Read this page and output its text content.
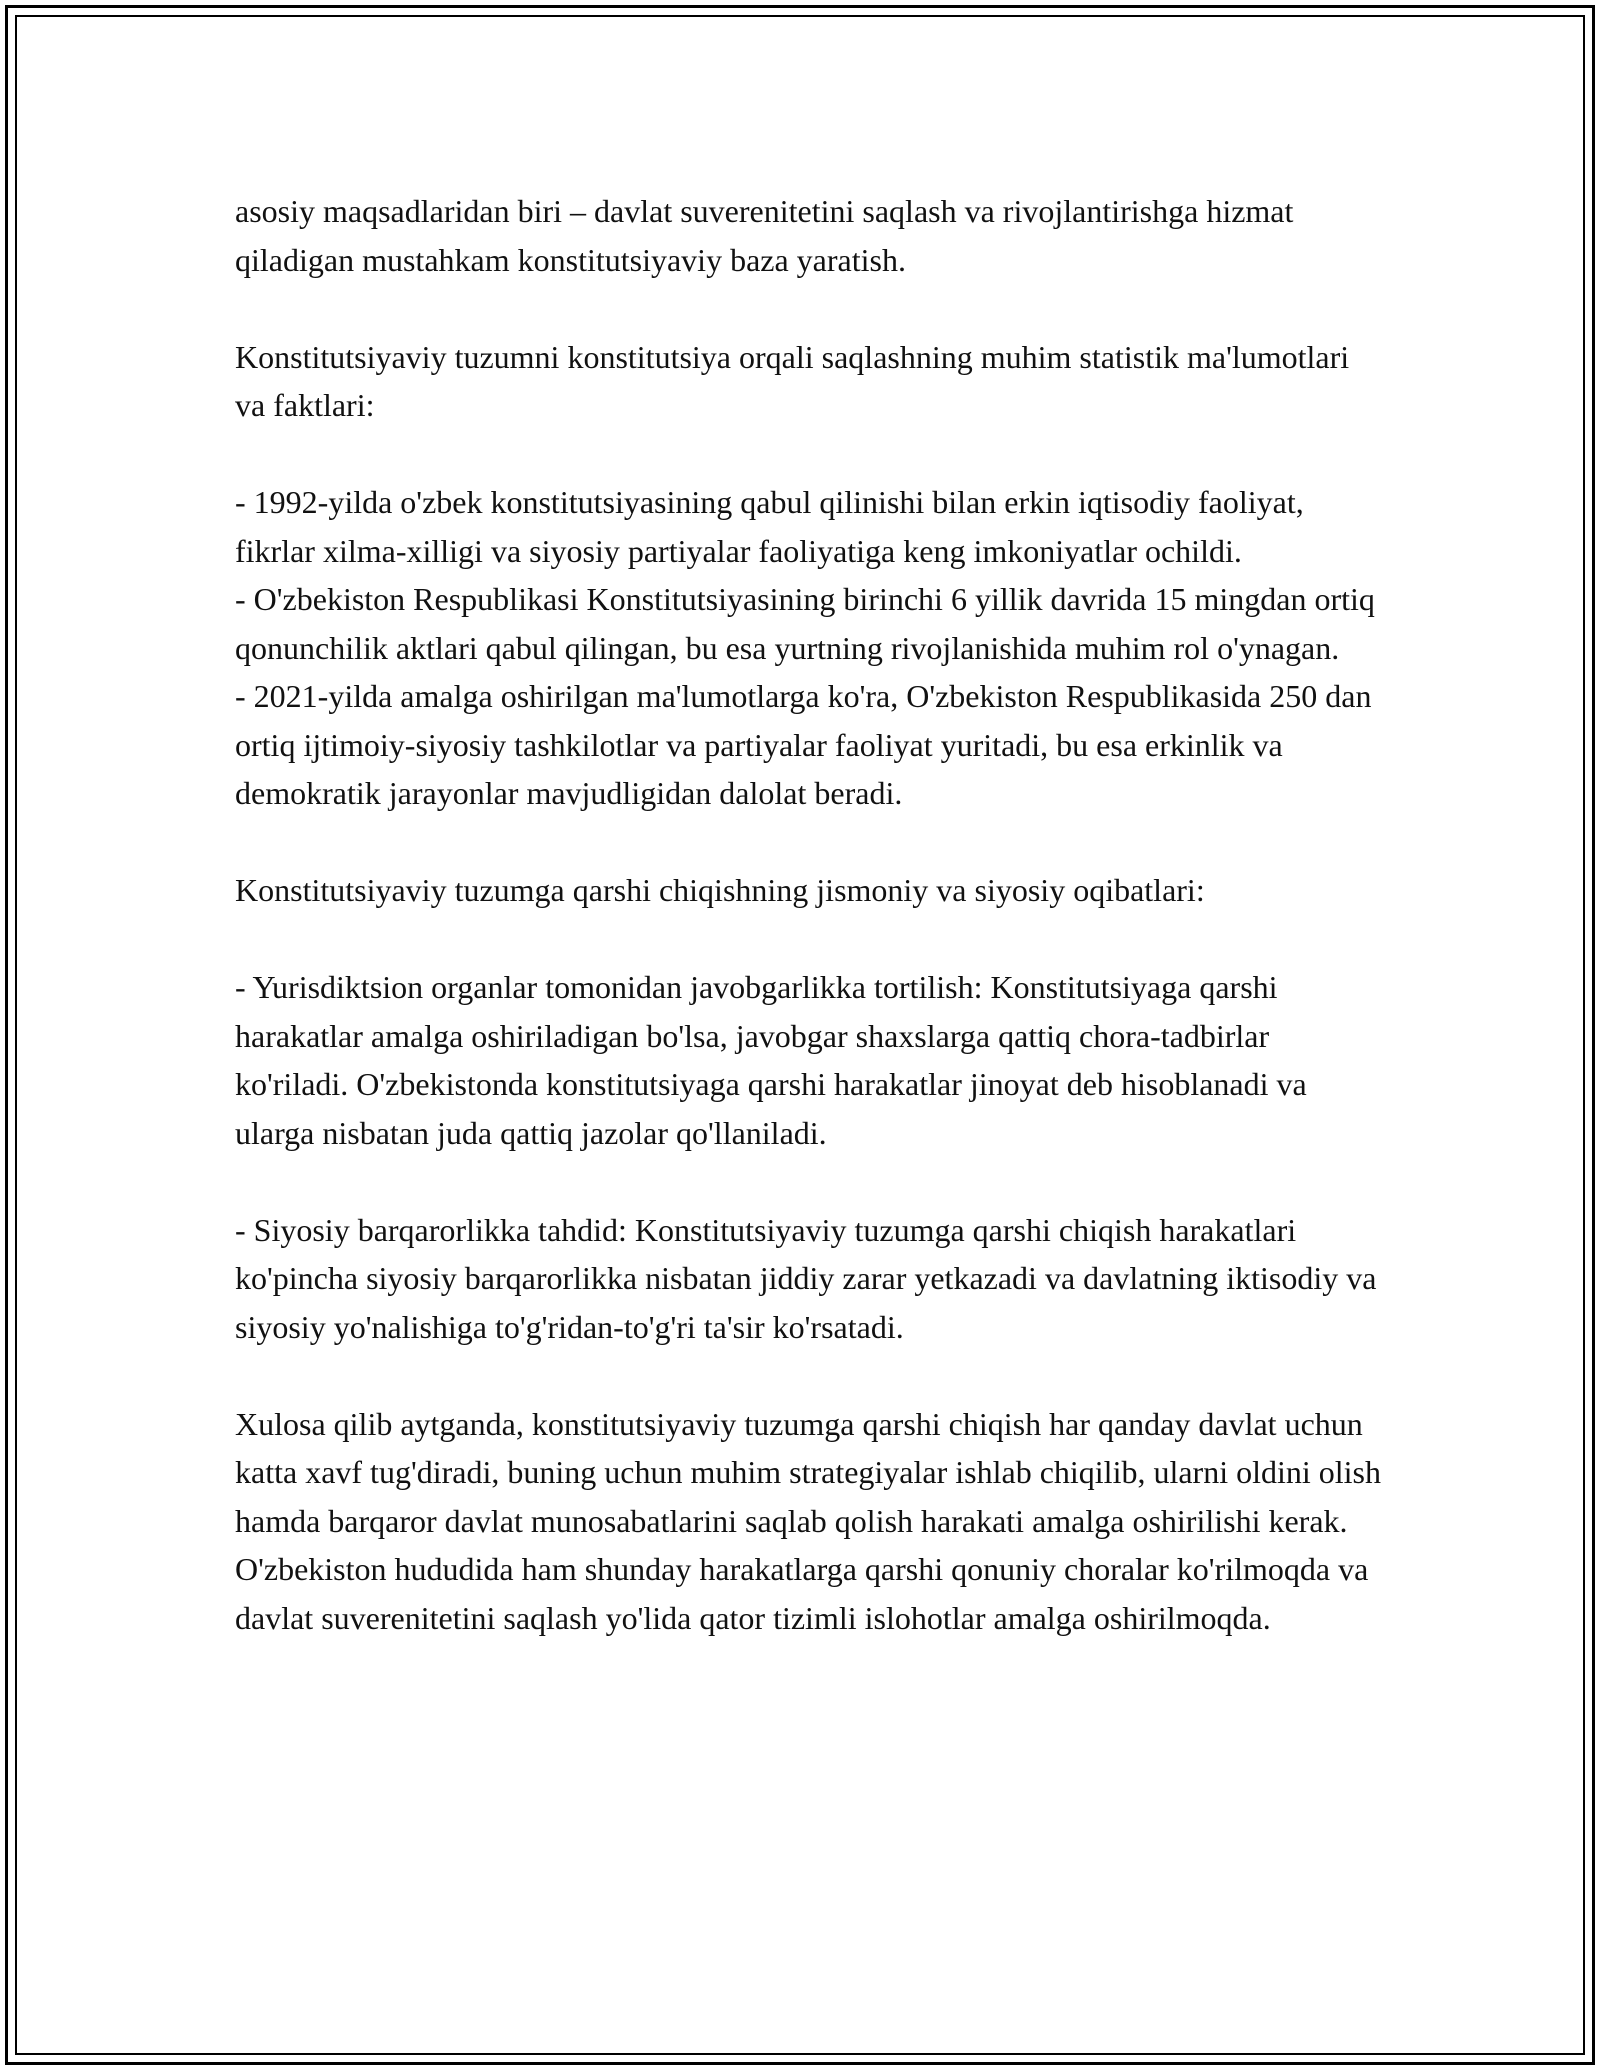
asosiy maqsadlaridan biri – davlat suverenitetini saqlash va rivojlantirishga hizmat qiladigan mustahkam konstitutsiyaviy baza yaratish.

Konstitutsiyaviy tuzumni konstitutsiya orqali saqlashning muhim statistik ma'lumotlari va faktlari:

- 1992-yilda o'zbek konstitutsiyasining qabul qilinishi bilan erkin iqtisodiy faoliyat, fikrlar xilma-xilligi va siyosiy partiyalar faoliyatiga keng imkoniyatlar ochildi.

- O'zbekiston Respublikasi Konstitutsiyasining birinchi 6 yillik davrida 15 mingdan ortiq qonunchilik aktlari qabul qilingan, bu esa yurtning rivojlanishida muhim rol o'ynagan.

- 2021-yilda amalga oshirilgan ma'lumotlarga ko'ra, O'zbekiston Respublikasida 250 dan ortiq ijtimoiy-siyosiy tashkilotlar va partiyalar faoliyat yuritadi, bu esa erkinlik va demokratik jarayonlar mavjudligidan dalolat beradi.

Konstitutsiyaviy tuzumga qarshi chiqishning jismoniy va siyosiy oqibatlari:

- Yurisdiktsion organlar tomonidan javobgarlikka tortilish: Konstitutsiyaga qarshi harakatlar amalga oshiriladigan bo'lsa, javobgar shaxslarga qattiq chora-tadbirlar ko'riladi. O'zbekistonda konstitutsiyaga qarshi harakatlar jinoyat deb hisoblanadi va ularga nisbatan juda qattiq jazolar qo'llaniladi.

- Siyosiy barqarorlikka tahdid: Konstitutsiyaviy tuzumga qarshi chiqish harakatlari ko'pincha siyosiy barqarorlikka nisbatan jiddiy zarar yetkazadi va davlatning iktisodiy va siyosiy yo'nalishiga to'g'ridan-to'g'ri ta'sir ko'rsatadi.

Xulosa qilib aytganda, konstitutsiyaviy tuzumga qarshi chiqish har qanday davlat uchun katta xavf tug'diradi, buning uchun muhim strategiyalar ishlab chiqilib, ularni oldini olish hamda barqaror davlat munosabatlarini saqlab qolish harakati amalga oshirilishi kerak. O'zbekiston hududida ham shunday harakatlarga qarshi qonuniy choralar ko'rilmoqda va davlat suverenitetini saqlash yo'lida qator tizimli islohotlar amalga oshirilmoqda.
